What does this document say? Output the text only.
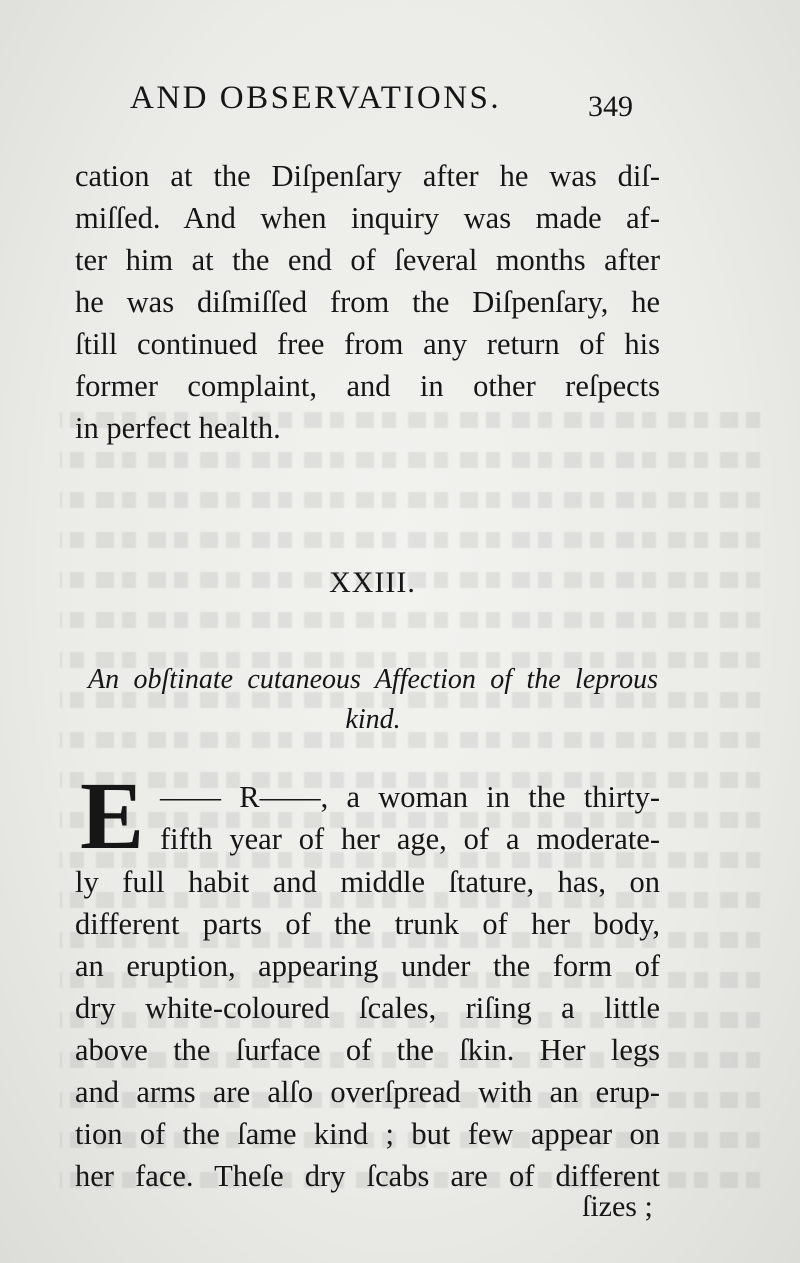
AND OBSERVATIONS.	349
cation at the Diſpenſary after he was diſ-
miſſed. And when inquiry was made af-
ter him at the end of ſeveral months after
he was diſmiſſed from the Diſpenſary, he
ſtill continued free from any return of his
former complaint, and in other reſpects
in perfect health.
XXIII.
An obſtinate cutaneous Affection of the leprous
kind.
E —— R——, a woman in the thirty-
fifth year of her age, of a moderate-
ly full habit and middle ſtature, has, on
different parts of the trunk of her body,
an eruption, appearing under the form of
dry white-coloured ſcales, riſing a little
above the ſurface of the ſkin. Her legs
and arms are alſo overſpread with an erup-
tion of the ſame kind ; but few appear on
her face. Theſe dry ſcabs are of different
ſizes ;
